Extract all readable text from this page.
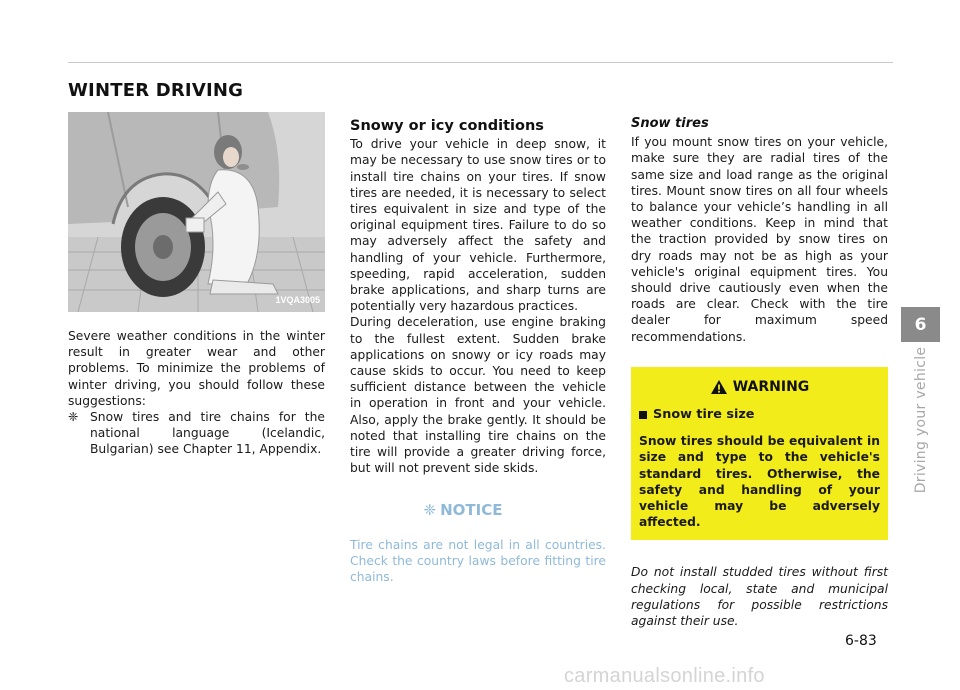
WINTER DRIVING
1VQA3005

Severe weather conditions in the winter result in greater wear and other problems. To minimize the problems of winter driving, you should follow these suggestions:

❈ Snow tires and tire chains for the national language (Icelandic, Bulgarian) see Chapter 11, Appendix.

Snowy or icy conditions

To drive your vehicle in deep snow, it may be necessary to use snow tires or to install tire chains on your tires. If snow tires are needed, it is necessary to select tires equivalent in size and type of the original equipment tires. Failure to do so may adversely affect the safety and handling of your vehicle. Furthermore, speeding, rapid acceleration, sudden brake applications, and sharp turns are potentially very hazardous practices.

During deceleration, use engine braking to the fullest extent. Sudden brake applications on snowy or icy roads may cause skids to occur. You need to keep sufficient distance between the vehicle in operation in front and your vehicle. Also, apply the brake gently. It should be noted that installing tire chains on the tire will provide a greater driving force, but will not prevent side skids.

❈ NOTICE

Tire chains are not legal in all countries. Check the country laws before fitting tire chains.

Snow tires

If you mount snow tires on your vehicle, make sure they are radial tires of the same size and load range as the original tires. Mount snow tires on all four wheels to balance your vehicle’s handling in all weather conditions. Keep in mind that the traction provided by snow tires on dry roads may not be as high as your vehicle's original equipment tires. You should drive cautiously even when the roads are clear. Check with the tire dealer for maximum speed recommendations.

WARNING
Snow tire size

Snow tires should be equivalent in size and type to the vehicle's standard tires. Otherwise, the safety and handling of your vehicle may be adversely affected.

Do not install studded tires without first checking local, state and municipal regulations for possible restrictions against their use.

6
Driving your vehicle
6-83
carmanualsonline.info
